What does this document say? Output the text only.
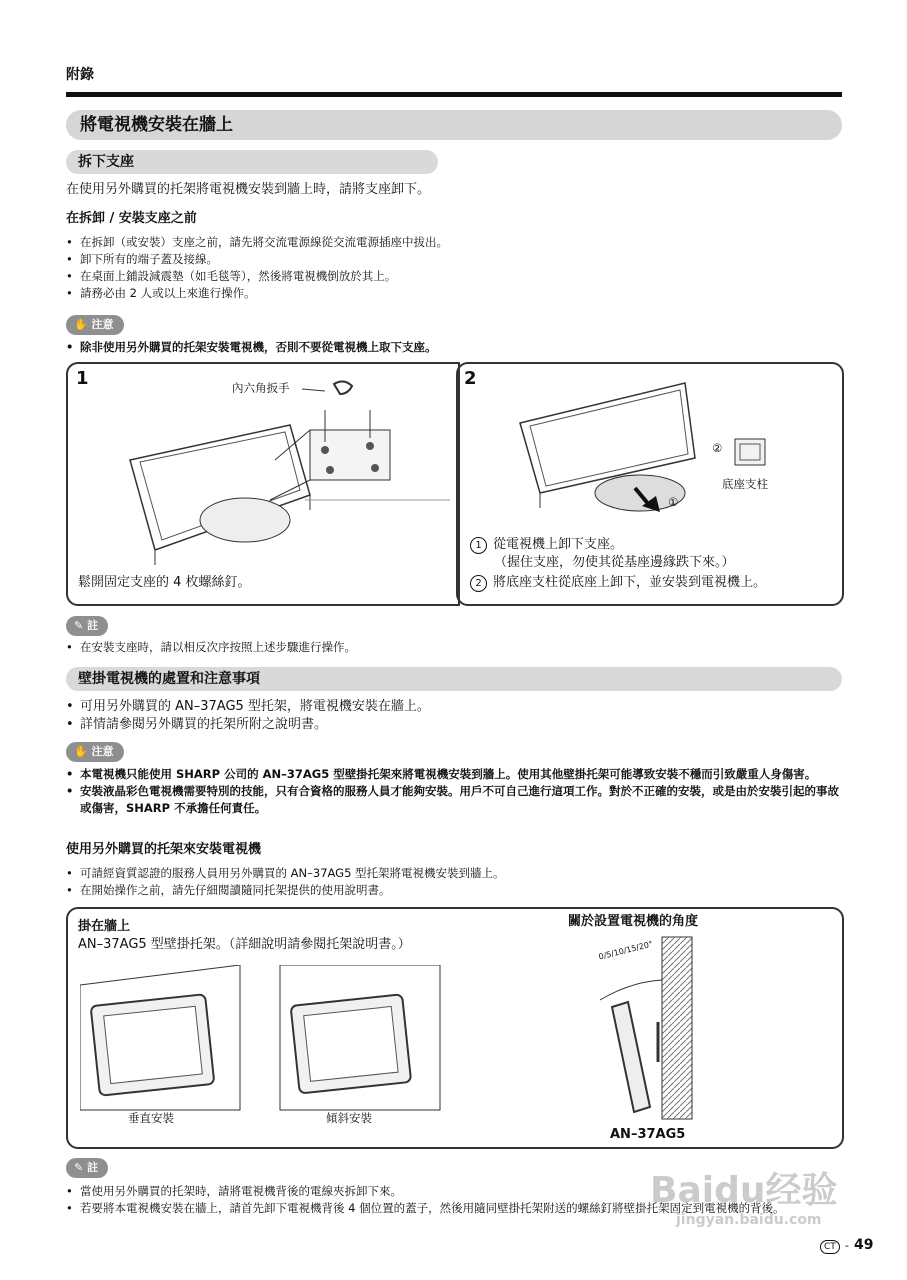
附錄
將電視機安裝在牆上
拆下支座
在使用另外購買的托架將電視機安裝到牆上時，請將支座卸下。
在拆卸 / 安裝支座之前
• 在拆卸（或安裝）支座之前，請先將交流電源線從交流電源插座中拔出。
• 卸下所有的端子蓋及接線。
• 在桌面上鋪設減震墊（如毛毯等），然後將電視機倒放於其上。
• 請務必由 2 人或以上來進行操作。
✋ 注意
• 除非使用另外購買的托架安裝電視機，否則不要從電視機上取下支座。
1	2
內六角扳手
鬆開固定支座的 4 枚螺絲釘。
②
底座支柱
①
1 從電視機上卸下支座。
（握住支座，勿使其從基座邊緣跌下來。）
2 將底座支柱從底座上卸下，並安裝到電視機上。
✎ 註
• 在安裝支座時，請以相反次序按照上述步驟進行操作。
壁掛電視機的處置和注意事項
• 可用另外購買的 AN–37AG5 型托架，將電視機安裝在牆上。
• 詳情請參閱另外購買的托架所附之說明書。
✋ 注意
• 本電視機只能使用 SHARP 公司的 AN–37AG5 型壁掛托架來將電視機安裝到牆上。使用其他壁掛托架可能導致安裝不穩而引致嚴重人身傷害。
• 安裝液晶彩色電視機需要特別的技能，只有合資格的服務人員才能夠安裝。用戶不可自己進行這項工作。對於不正確的安裝，或是由於安裝引起的事故或傷害，SHARP 不承擔任何責任。
使用另外購買的托架來安裝電視機
• 可請經資質認證的服務人員用另外購買的 AN–37AG5 型托架將電視機安裝到牆上。
• 在開始操作之前，請先仔細閱讀隨同托架提供的使用說明書。
掛在牆上
AN–37AG5 型壁掛托架。（詳細說明請參閱托架說明書。）
關於設置電視機的角度
垂直安裝	傾斜安裝
0/5/10/15/20°
AN–37AG5
✎ 註
• 當使用另外購買的托架時，請將電視機背後的電線夾拆卸下來。
• 若要將本電視機安裝在牆上，請首先卸下電視機背後 4 個位置的蓋子，然後用隨同壁掛托架附送的螺絲釘將壁掛托架固定到電視機的背後。
Baidu经验
jingyan.baidu.com
CT - 49
